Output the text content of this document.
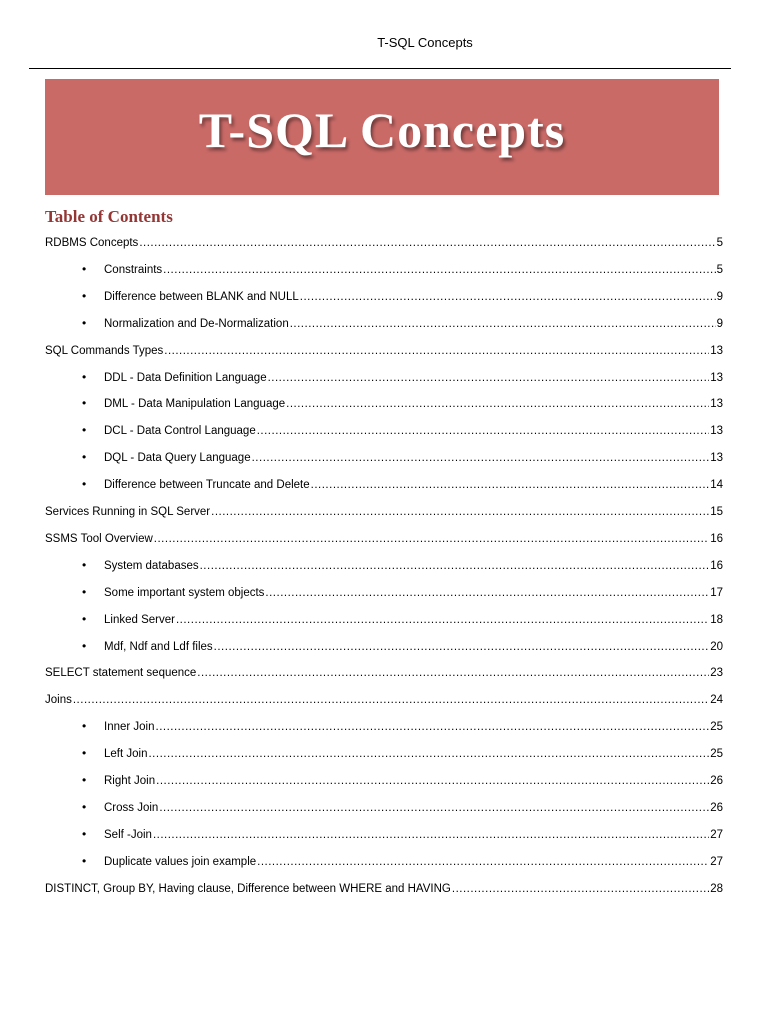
T-SQL Concepts
T-SQL Concepts
Table of Contents
RDBMS Concepts .....	5
• Constraints .....	5
• Difference between BLANK and NULL .....	9
• Normalization and De-Normalization .....	9
SQL Commands Types .....	13
• DDL - Data Definition Language .....	13
• DML - Data Manipulation Language .....	13
• DCL - Data Control Language .....	13
• DQL - Data Query Language .....	13
• Difference between Truncate and Delete .....	14
Services Running in SQL Server .....	15
SSMS Tool Overview .....	16
• System databases .....	16
• Some important system objects .....	17
• Linked Server .....	18
• Mdf, Ndf and Ldf files .....	20
SELECT statement sequence .....	23
Joins .....	24
• Inner Join .....	25
• Left Join .....	25
• Right Join .....	26
• Cross Join .....	26
• Self -Join .....	27
• Duplicate values join example .....	27
DISTINCT, Group BY, Having clause, Difference between WHERE and HAVING .....	28
